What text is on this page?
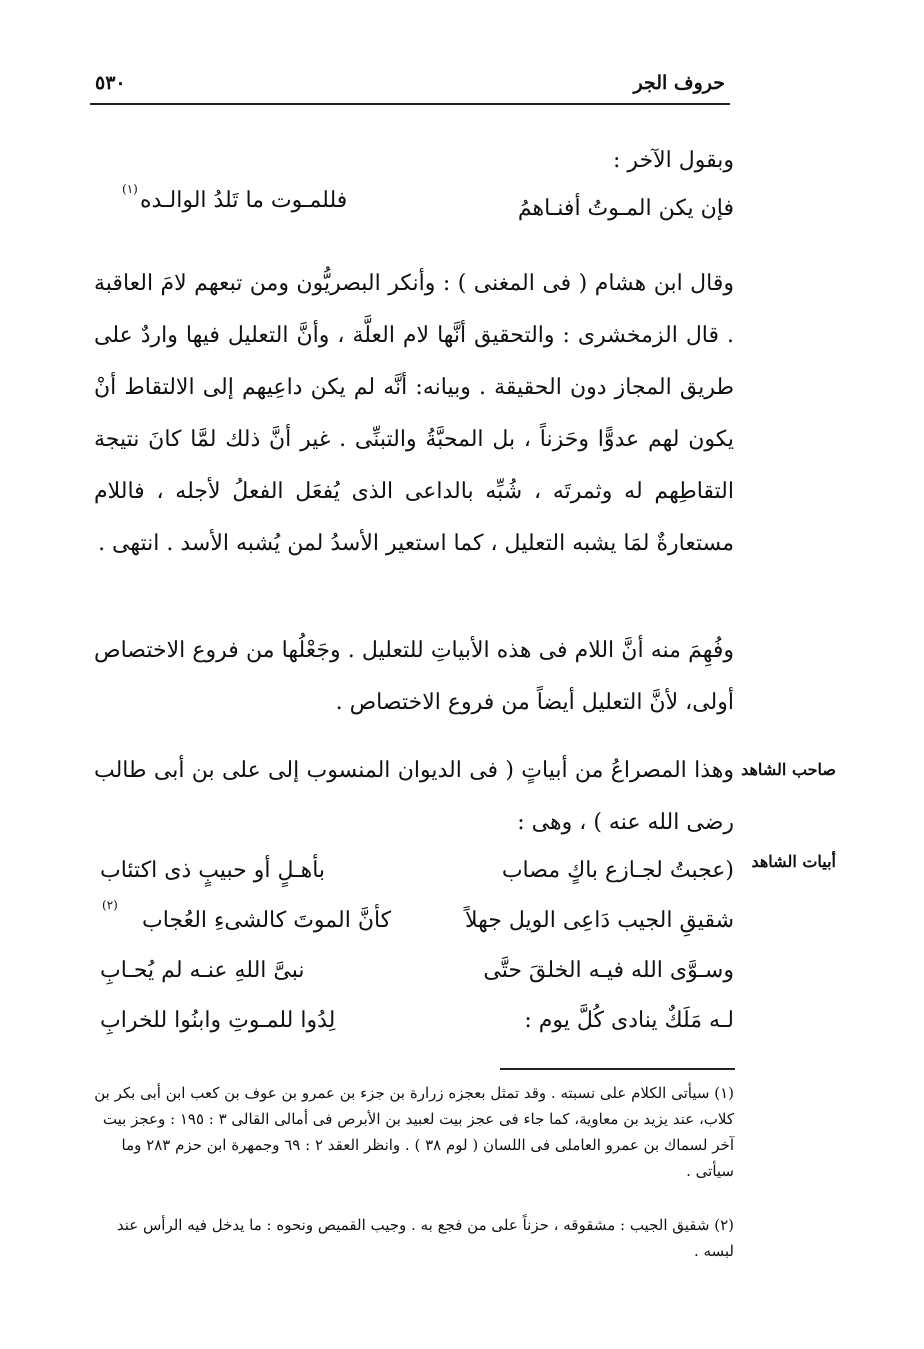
حروف الجر
٥٣٠
وبقول الآخر :
فإن يكن المـوتُ أفنـاهمُ
فللمـوت ما تَلدُ الوالـده
(١)
وقال ابن هشام ( فى المغنى ) : وأنكر البصريُّون ومن تبعهم لامَ العاقبة . قال الزمخشرى : والتحقيق أنَّها لام العلَّة ، وأنَّ التعليل فيها واردٌ على طريق المجاز دون الحقيقة . وبيانه: أنَّه لم يكن داعِيهم إلى الالتقاط أنْ يكون لهم عدوًّا وحَزناً ، بل المحبَّةُ والتبنِّى . غير أنَّ ذلك لمَّا كانَ نتيجة التقاطِهم له وثمرتَه ، شُبِّه بالداعى الذى يُفعَل الفعلُ لأجله ، فاللام مستعارةٌ لمَا يشبه التعليل ، كما استعير الأسدُ لمن يُشبه الأسد . انتهى .
وفُهِمَ منه أنَّ اللام فى هذه الأبياتِ للتعليل . وجَعْلُها من فروع الاختصاص أولى، لأنَّ التعليل أيضاً من فروع الاختصاص .
وهذا المصراعُ من أبياتٍ ( فى الديوان المنسوب إلى على بن أبى طالب رضى الله عنه ) ، وهى :
صاحب الشاهد
أبيات الشاهد
(عجبتُ لجـازع باكٍ مصاب
بأهـلٍ أو حبيبٍ ذى اكتئاب
شقيقِ الجيب دَاعِى الويل جهلاً
كأنَّ الموتَ كالشىءِ العُجاب
(٢)
وسـوَّى الله فيـه الخلقَ حتَّى
نبىَّ اللهِ عنـه لم يُحـابِ
لـه مَلَكٌ ينادى كُلَّ يوم :
لِدُوا للمـوتِ وابنُوا للخرابِ
(١) سيأتى الكلام على نسبته . وقد تمثل بعجزه زرارة بن جزء بن عمرو بن عوف بن كعب ابن أبى بكر بن كلاب، عند يزيد بن معاوية، كما جاء فى عجز بيت لعبيد بن الأبرص فى أمالى القالى ٣ : ١٩٥ : وعجز بيت آخر لسماك بن عمرو العاملى فى اللسان ( لوم ٣٨ ) . وانظر العقد ٢ : ٦٩ وجمهرة ابن حزم ٢٨٣ وما سيأتى .
(٢) شقيق الجيب : مشقوقه ، حزناً على من فجع به . وجيب القميص ونحوه : ما يدخل فيه الرأس عند لبسه .
